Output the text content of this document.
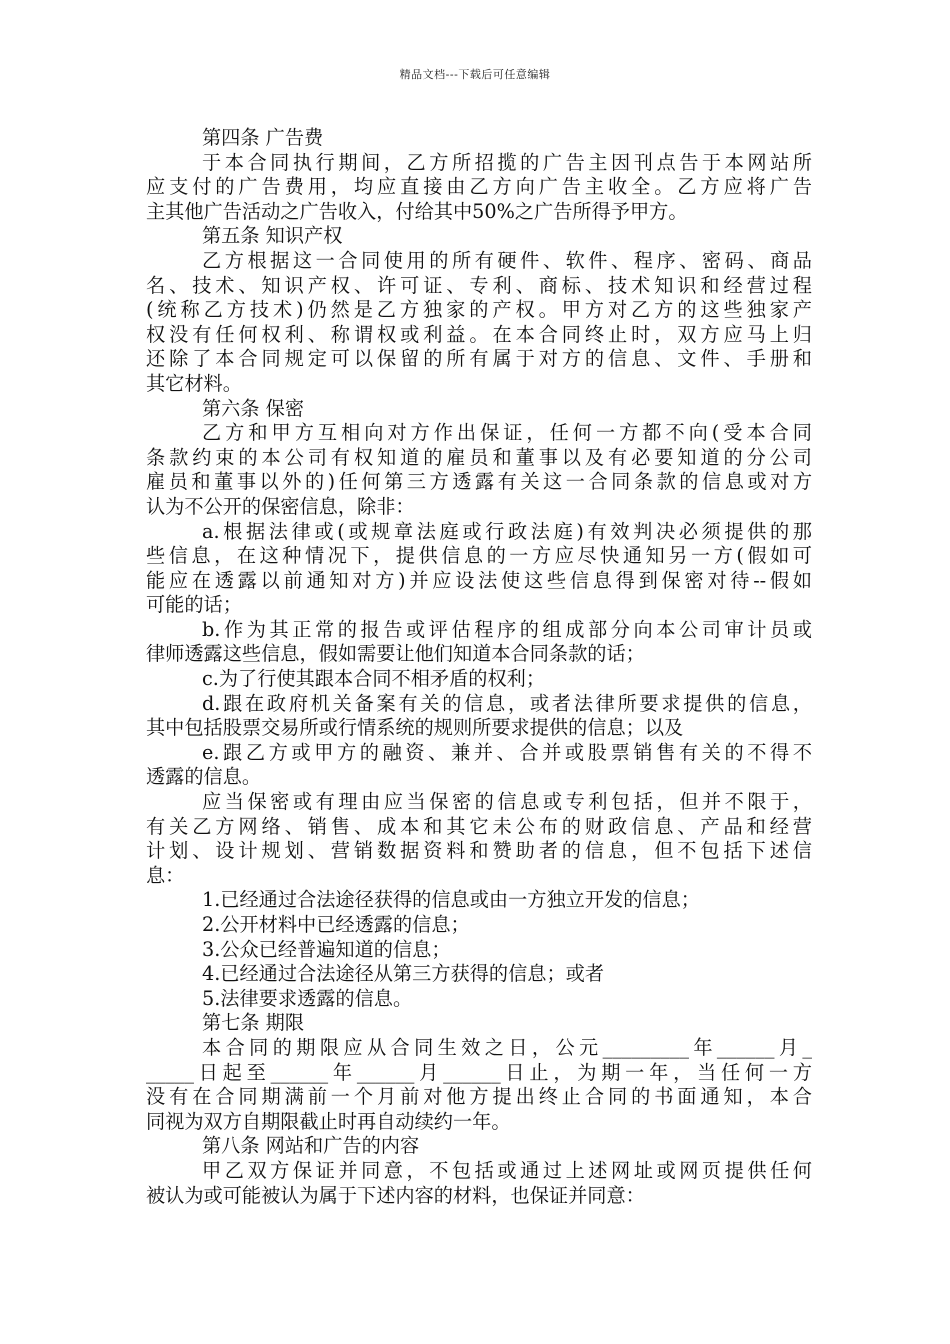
精品文档---下载后可任意编辑
第四条 广告费
于本合同执行期间，乙方所招揽的广告主因刊点告于本网站所
应支付的广告费用，均应直接由乙方向广告主收全。乙方应将广告
主其他广告活动之广告收入，付给其中50%之广告所得予甲方。
第五条 知识产权
乙方根据这一合同使用的所有硬件、软件、程序、密码、商品
名、技术、知识产权、许可证、专利、商标、技术知识和经营过程
(统称乙方技术)仍然是乙方独家的产权。甲方对乙方的这些独家产
权没有任何权利、称谓权或利益。在本合同终止时，双方应马上归
还除了本合同规定可以保留的所有属于对方的信息、文件、手册和
其它材料。
第六条 保密
乙方和甲方互相向对方作出保证，任何一方都不向(受本合同
条款约束的本公司有权知道的雇员和董事以及有必要知道的分公司
雇员和董事以外的)任何第三方透露有关这一合同条款的信息或对方
认为不公开的保密信息，除非：
a.根据法律或(或规章法庭或行政法庭)有效判决必须提供的那
些信息，在这种情况下，提供信息的一方应尽快通知另一方(假如可
能应在透露以前通知对方)并应设法使这些信息得到保密对待--假如
可能的话；
b.作为其正常的报告或评估程序的组成部分向本公司审计员或
律师透露这些信息，假如需要让他们知道本合同条款的话；
c.为了行使其跟本合同不相矛盾的权利；
d.跟在政府机关备案有关的信息，或者法律所要求提供的信息，
其中包括股票交易所或行情系统的规则所要求提供的信息；以及
e.跟乙方或甲方的融资、兼并、合并或股票销售有关的不得不
透露的信息。
应当保密或有理由应当保密的信息或专利包括，但并不限于，
有关乙方网络、销售、成本和其它未公布的财政信息、产品和经营
计划、设计规划、营销数据资料和赞助者的信息，但不包括下述信
息：
1.已经通过合法途径获得的信息或由一方独立开发的信息；
2.公开材料中已经透露的信息；
3.公众已经普遍知道的信息；
4.已经通过合法途径从第三方获得的信息；或者
5.法律要求透露的信息。
第七条 期限
本合同的期限应从合同生效之日，公元_________年______月_
_____日起至______年______月______日止，为期一年，当任何一方
没有在合同期满前一个月前对他方提出终止合同的书面通知，本合
同视为双方自期限截止时再自动续约一年。
第八条 网站和广告的内容
甲乙双方保证并同意，不包括或通过上述网址或网页提供任何
被认为或可能被认为属于下述内容的材料，也保证并同意：
